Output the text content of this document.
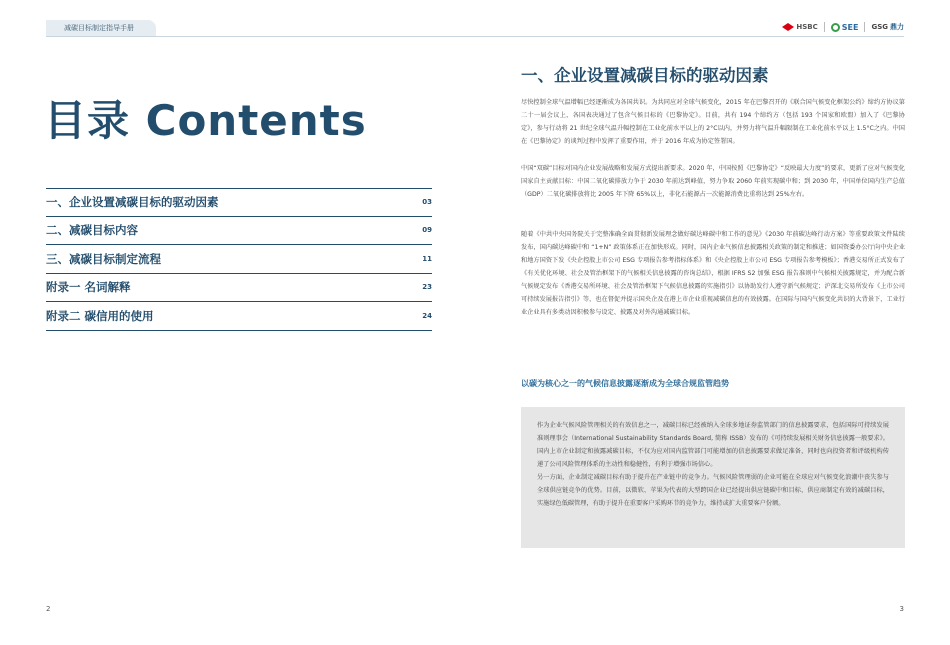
减碳目标制定指导手册	HSBC	SEE GSG 鼎力
目录 Contents
一、企业设置减碳目标的驱动因素	03
二、减碳目标内容	09
三、减碳目标制定流程	11
附录一 名词解释	23
附录二 碳信用的使用	24
2
一、企业设置减碳目标的驱动因素

尽快控制全球气温增幅已经逐渐成为各国共识。为共同应对全球气候变化，2015 年在巴黎召开的《联合国气候变化框架公约》缔约方协议第二十一届会议上，各国表决通过了包含气候目标的《巴黎协定》。目前，共有 194 个缔约方（包括 193 个国家和欧盟）加入了《巴黎协定》，参与行动将 21 世纪全球气温升幅控制在工业化前水平以上的 2°C以内，并努力将气温升幅限制在工业化前水平以上 1.5°C之内。中国在《巴黎协定》的谈判过程中发挥了重要作用，并于 2016 年成为协定签署国。

中国“双碳”目标对国内企业发展战略和发展方式提出新要求。2020 年，中国按照《巴黎协定》“反映最大力度”的要求，更新了应对气候变化国家自主贡献目标：中国二氧化碳排放力争于 2030 年前达到峰值，努力争取 2060 年前实现碳中和；到 2030 年，中国单位国内生产总值（GDP）二氧化碳排放将比 2005 年下降 65%以上，非化石能源占一次能源消费比重将达到 25%左右。

随着《中共中央国务院关于完整准确全面贯彻新发展理念做好碳达峰碳中和工作的意见》《2030 年前碳达峰行动方案》等重要政策文件陆续发布，国内碳达峰碳中和 “1+N” 政策体系正在加快形成。同时，国内企业气候信息披露相关政策的制定和推进；如国资委办公厅向中央企业和地方国资下发《央企控股上市公司 ESG 专项报告参考指标体系》和《央企控股上市公司 ESG 专项报告参考模板》；香港交易所正式发布了《有关优化环境、社会及管治框架下的气候相关信息披露的咨询总结》，根据 IFRS S2 加强 ESG 报告准则中气候相关披露规定，并为配合新气候规定发布《香港交易所环境、社会及管治框架下气候信息披露的实施指引》以协助发行人遵守新气候规定；沪深北交易所发布《上市公司可持续发展报告指引》等，也在督促并提示国央企及在港上市企业重视减碳信息的有效披露。在国际与国内气候变化共识的大背景下，工业行业企业具有多类动因积极参与设定、披露及对外沟通减碳目标。

以碳为核心之一的气候信息披露逐渐成为全球合规监管趋势

作为企业气候风险管理相关的有效信息之一，减碳目标已经被纳入全球多地证券监管部门的信息披露要求，包括国际可持续发展准则理事会（International Sustainability Standards Board, 简称 ISSB）发布的《可持续发展相关财务信息披露一般要求》。国内上市企业制定和披露减碳目标，不仅为应对国内监管部门可能增加的信息披露要求做足准备，同时也向投资者和评级机构传递了公司风险管理体系的主动性和稳健性，有利于增强市场信心。

另一方面，企业制定减碳目标有助于提升在产业链中的竞争力。气候风险管理弱的企业可能在全球应对气候变化浪潮中丧失参与全球供应链竞争的优势。目前，以微软、苹果为代表的大型跨国企业已经提出供应链碳中和目标，供应商制定有效的减碳目标，实施绿色低碳管理，有助于提升在重要客户采购环节的竞争力，维持或扩大重要客户份额。

3
